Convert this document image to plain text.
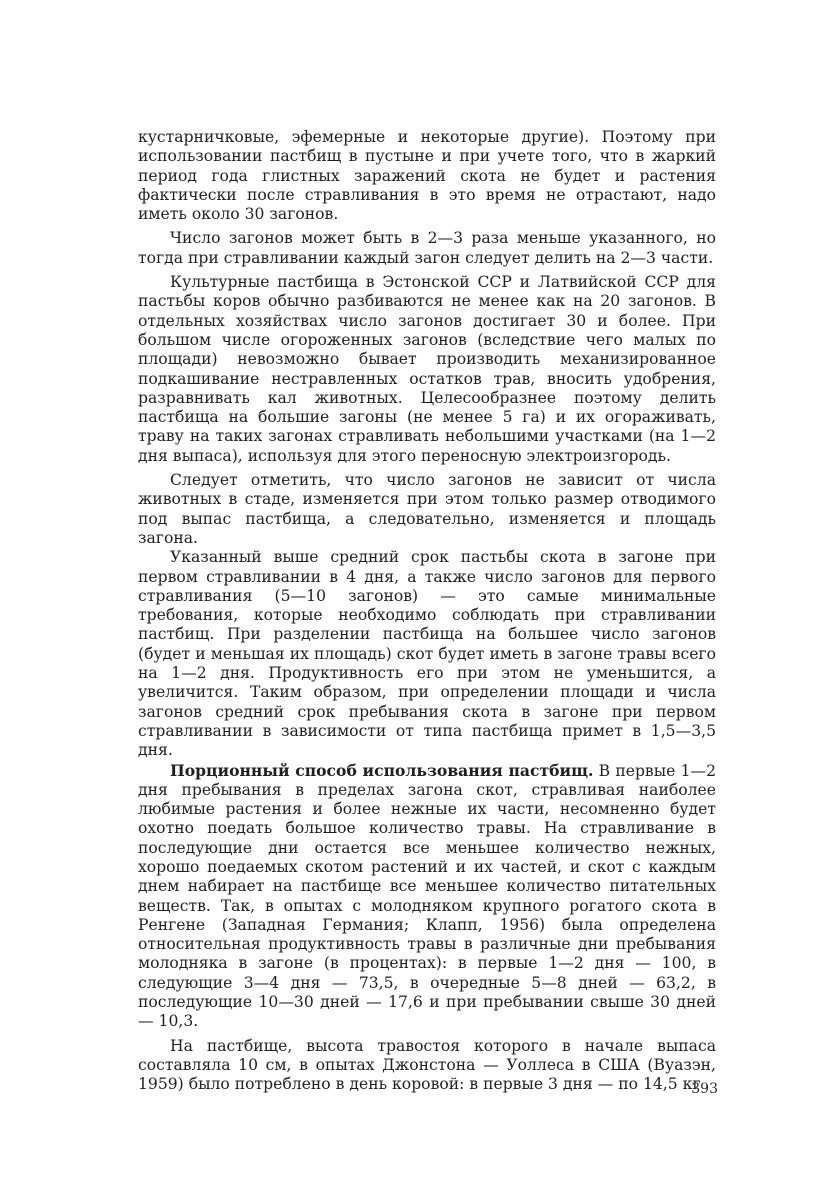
кустарничковые, эфемерные и некоторые другие). Поэтому при использовании пастбищ в пустыне и при учете того, что в жаркий период года глистных заражений скота не будет и растения фактически после стравливания в это время не отрастают, надо иметь около 30 загонов.

Число загонов может быть в 2—3 раза меньше указанного, но тогда при стравливании каждый загон следует делить на 2—3 части.

Культурные пастбища в Эстонской ССР и Латвийской ССР для пастьбы коров обычно разбиваются не менее как на 20 загонов. В отдельных хозяйствах число загонов достигает 30 и более. При большом числе огороженных загонов (вследствие чего малых по площади) невозможно бывает производить механизированное подкашивание нестравленных остатков трав, вносить удобрения, разравнивать кал животных. Целесообразнее поэтому делить пастбища на большие загоны (не менее 5 га) и их огораживать, траву на таких загонах стравливать небольшими участками (на 1—2 дня выпаса), используя для этого переносную электроизгородь.

Следует отметить, что число загонов не зависит от числа животных в стаде, изменяется при этом только размер отводимого под выпас пастбища, а следовательно, изменяется и площадь загона.

Указанный выше средний срок пастьбы скота в загоне при первом стравливании в 4 дня, а также число загонов для первого стравливания (5—10 загонов) — это самые минимальные требования, которые необходимо соблюдать при стравливании пастбищ. При разделении пастбища на большее число загонов (будет и меньшая их площадь) скот будет иметь в загоне травы всего на 1—2 дня. Продуктивность его при этом не уменьшится, а увеличится. Таким образом, при определении площади и числа загонов средний срок пребывания скота в загоне при первом стравливании в зависимости от типа пастбища примет в 1,5—3,5 дня.

Порционный способ использования пастбищ. В первые 1—2 дня пребывания в пределах загона скот, стравливая наиболее любимые растения и более нежные их части, несомненно будет охотно поедать большое количество травы. На стравливание в последующие дни остается все меньшее количество нежных, хорошо поедаемых скотом растений и их частей, и скот с каждым днем набирает на пастбище все меньшее количество питательных веществ. Так, в опытах с молодняком крупного рогатого скота в Ренгене (Западная Германия; Клапп, 1956) была определена относительная продуктивность травы в различные дни пребывания молодняка в загоне (в процентах): в первые 1—2 дня — 100, в следующие 3—4 дня — 73,5, в очередные 5—8 дней — 63,2, в последующие 10—30 дней — 17,6 и при пребывании свыше 30 дней — 10,3.

На пастбище, высота травостоя которого в начале выпаса составляла 10 см, в опытах Джонстона — Уоллеса в США (Вуазэн, 1959) было потреблено в день коровой: в первые 3 дня — по 14,5 кг

393
